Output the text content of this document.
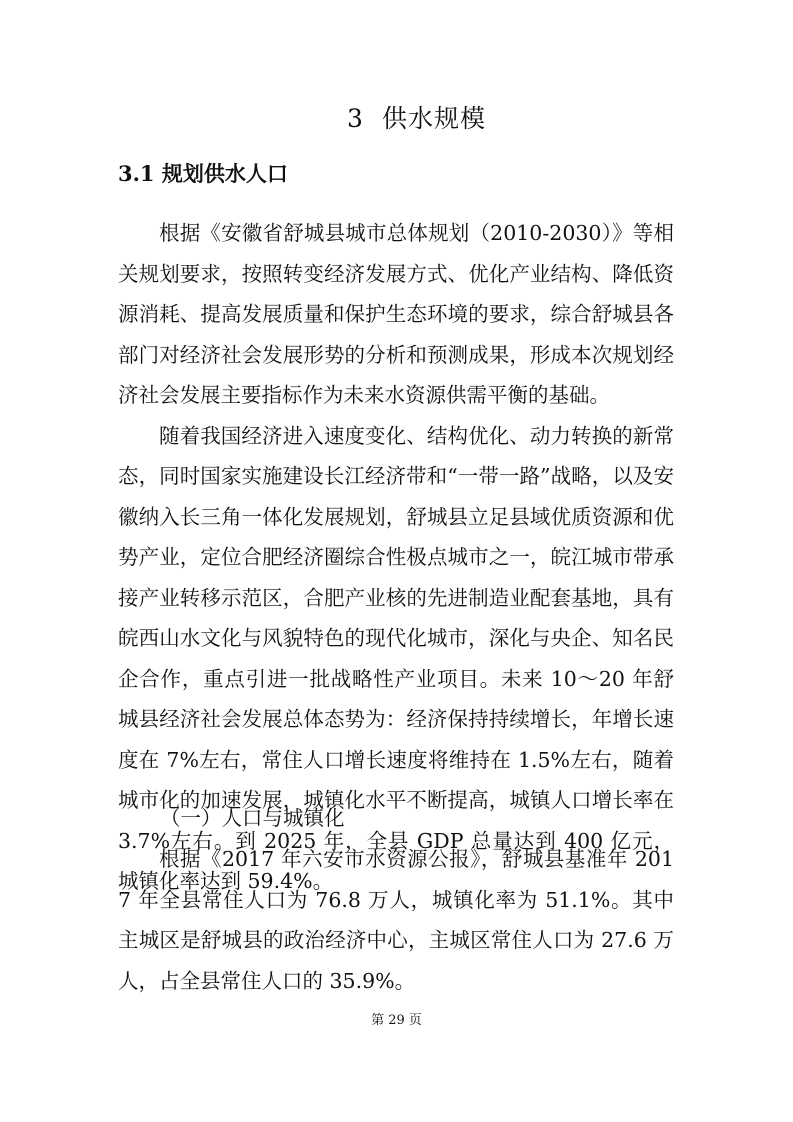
3 供水规模
3.1 规划供水人口

根据《安徽省舒城县城市总体规划（2010-2030）》等相关规划要求，按照转变经济发展方式、优化产业结构、降低资源消耗、提高发展质量和保护生态环境的要求，综合舒城县各部门对经济社会发展形势的分析和预测成果，形成本次规划经济社会发展主要指标作为未来水资源供需平衡的基础。

随着我国经济进入速度变化、结构优化、动力转换的新常态，同时国家实施建设长江经济带和“一带一路”战略，以及安徽纳入长三角一体化发展规划，舒城县立足县域优质资源和优势产业，定位合肥经济圈综合性极点城市之一，皖江城市带承接产业转移示范区，合肥产业核的先进制造业配套基地，具有皖西山水文化与风貌特色的现代化城市，深化与央企、知名民企合作，重点引进一批战略性产业项目。未来 10～20 年舒城县经济社会发展总体态势为：经济保持持续增长，年增长速度在 7%左右，常住人口增长速度将维持在 1.5%左右，随着城市化的加速发展，城镇化水平不断提高，城镇人口增长率在 3.7%左右。到 2025 年，全县 GDP 总量达到 400 亿元，城镇化率达到 59.4%。

（一）人口与城镇化

根据《2017 年六安市水资源公报》，舒城县基准年 2017 年全县常住人口为 76.8 万人，城镇化率为 51.1%。其中主城区是舒城县的政治经济中心，主城区常住人口为 27.6 万人，占全县常住人口的 35.9%。

第 29 页
